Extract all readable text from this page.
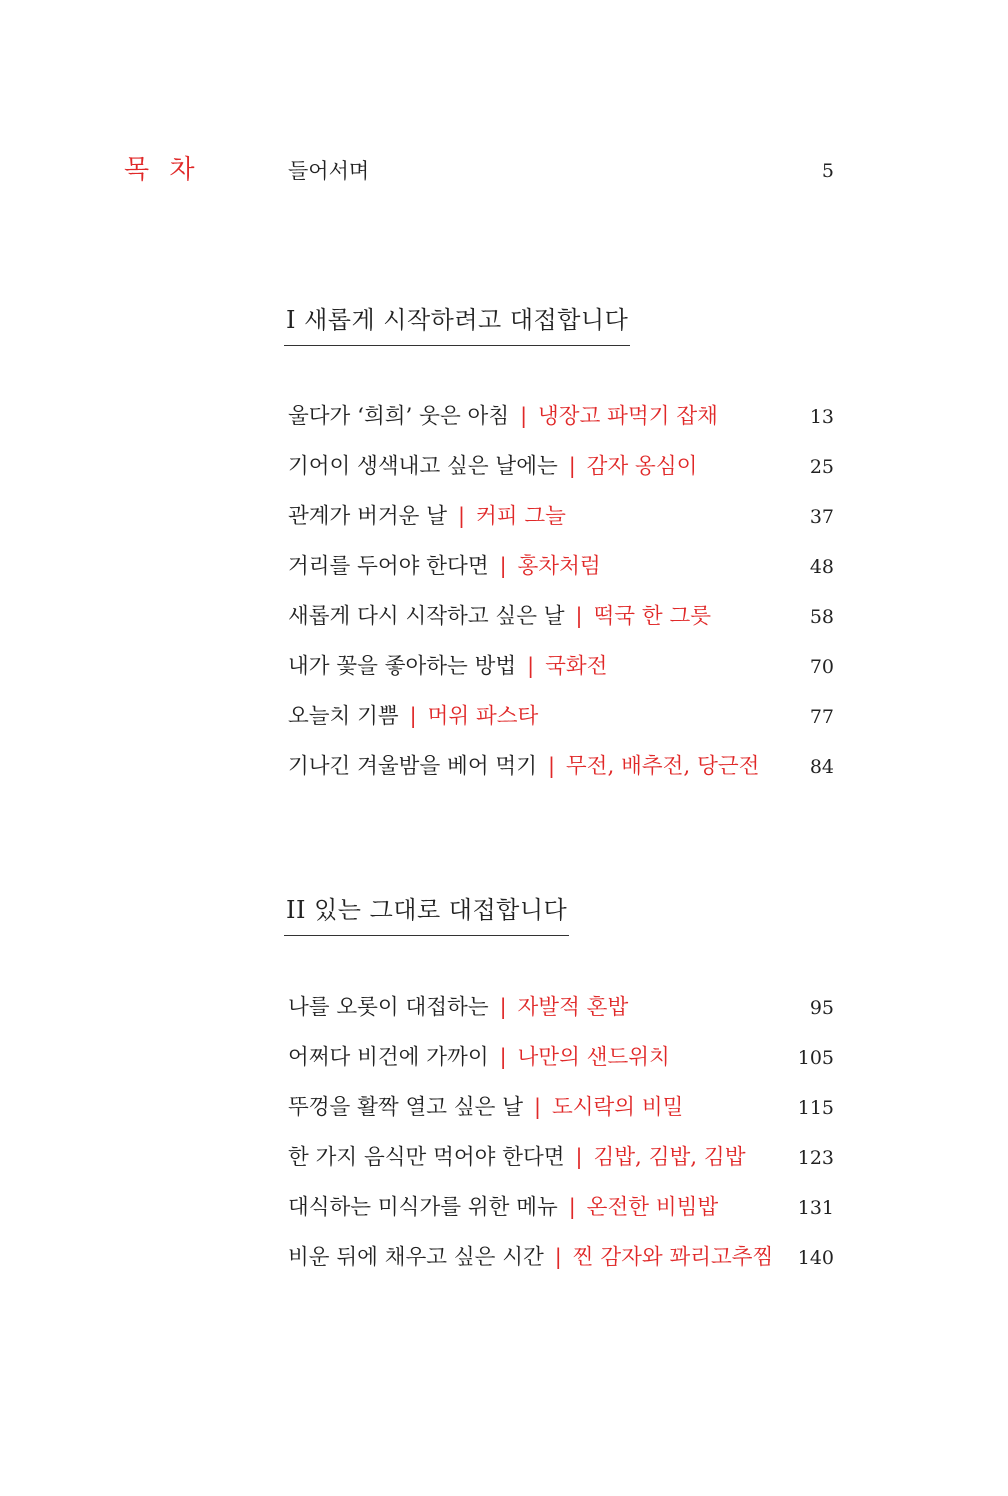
목 차	들어서며	5
I 새롭게 시작하려고 대접합니다
울다가 ‘희희’ 웃은 아침 | 냉장고 파먹기 잡채	13
기어이 생색내고 싶은 날에는 | 감자 옹심이	25
관계가 버거운 날 | 커피 그늘	37
거리를 두어야 한다면 | 홍차처럼	48
새롭게 다시 시작하고 싶은 날 | 떡국 한 그릇	58
내가 꽃을 좋아하는 방법 | 국화전	70
오늘치 기쁨 | 머위 파스타	77
기나긴 겨울밤을 베어 먹기 | 무전, 배추전, 당근전	84
II 있는 그대로 대접합니다
나를 오롯이 대접하는 | 자발적 혼밥	95
어쩌다 비건에 가까이 | 나만의 샌드위치	105
뚜껑을 활짝 열고 싶은 날 | 도시락의 비밀	115
한 가지 음식만 먹어야 한다면 | 김밥, 김밥, 김밥	123
대식하는 미식가를 위한 메뉴 | 온전한 비빔밥	131
비운 뒤에 채우고 싶은 시간 | 찐 감자와 꽈리고추찜 140
